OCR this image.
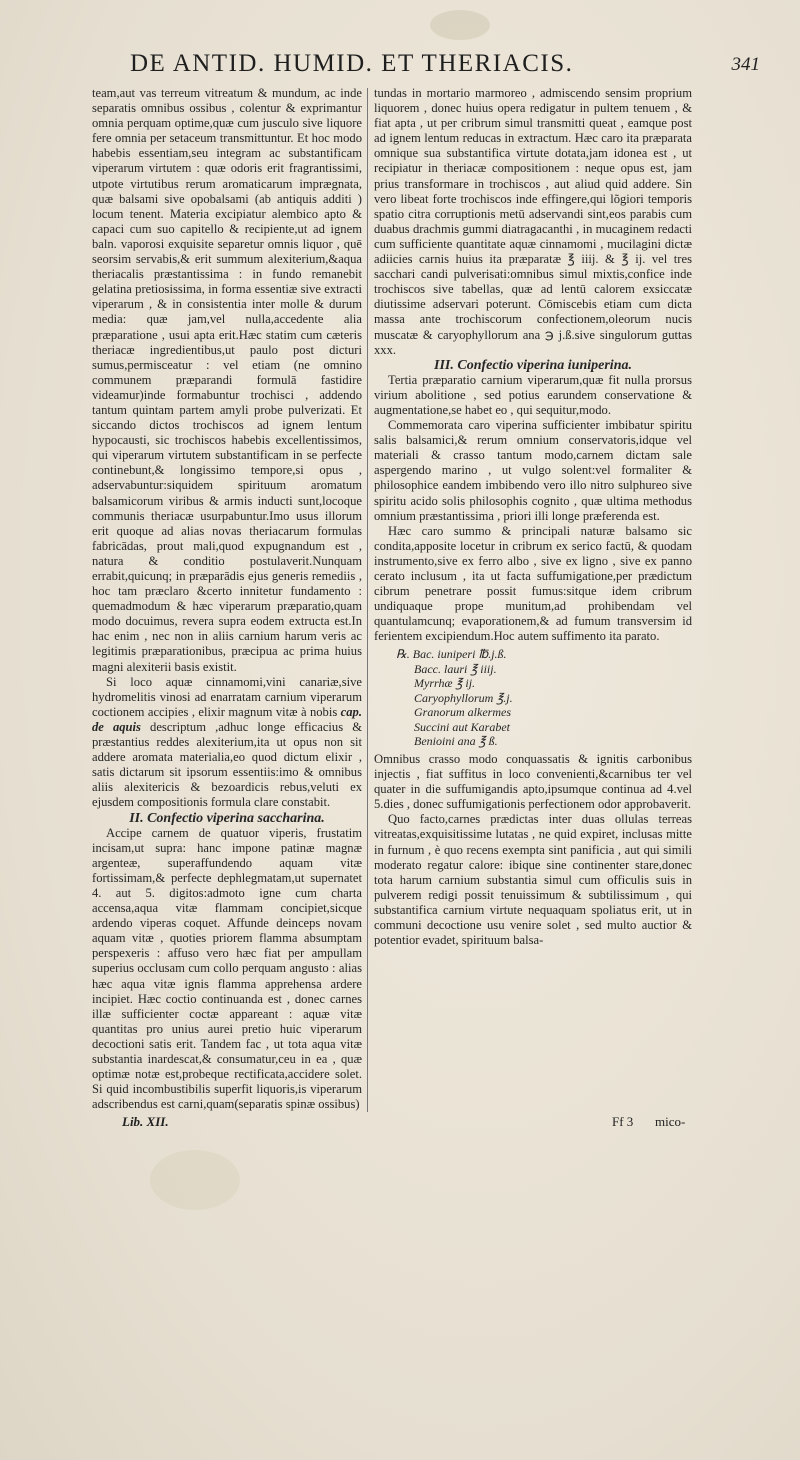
DE ANTID. HUMID. ET THERIACIS.	341

team,aut vas terreum vitreatum & mundum, ac inde separatis omnibus ossibus , colentur & exprimantur omnia perquam optime,quæ cum jusculo sive liquore fere omnia per setaceum transmittuntur. Et hoc modo habebis essentiam,seu integram ac substantificam viperarum virtutem : quæ odoris erit fragrantissimi, utpote virtutibus rerum aromaticarum imprægnata, quæ balsami sive opobalsami (ab antiquis additi ) locum tenent. Materia excipiatur alembico apto & capaci cum suo capitello & recipiente,ut ad ignem baln. vaporosi exquisite separetur omnis liquor , quē seorsim servabis,& erit summum alexiterium,&aqua theriacalis præstantissima : in fundo remanebit gelatina pretiosissima, in forma essentiæ sive extracti viperarum , & in consistentia inter molle & durum media: quæ jam,vel nulla,accedente alia præparatione , usui apta erit.Hæc statim cum cæteris theriacæ ingredientibus,ut paulo post dicturi sumus,permisceatur : vel etiam (ne omnino communem præparandi formulā fastidire videamur)inde formabuntur trochisci , addendo tantum quintam partem amyli probe pulverizati. Et siccando dictos trochiscos ad ignem lentum hypocausti, sic trochiscos habebis excellentissimos, qui viperarum virtutem substantificam in se perfecte continebunt,& longissimo tempore,si opus , adservabuntur:siquidem spirituum aromatum balsamicorum viribus & armis inducti sunt,locoque communis theriacæ usurpabuntur.Imo usus illorum erit quoque ad alias novas theriacarum formulas fabricādas, prout mali,quod expugnandum est , natura & conditio postulaverit.Nunquam errabit,quicunq; in præparādis ejus generis remediis , hoc tam præclaro &certo innitetur fundamento : quemadmodum & hæc viperarum præparatio,quam modo docuimus, revera supra eodem extructa est.In hac enim , nec non in aliis carnium harum veris ac legitimis præparationibus, præcipua ac prima huius magni alexiterii basis existit.

Si loco aquæ cinnamomi,vini canariæ,sive hydromelitis vinosi ad enarratam carnium viperarum coctionem accipies , elixir magnum vitæ à nobis cap. de aquis descriptum ,adhuc longe efficacius & præstantius reddes alexiterium,ita ut opus non sit addere aromata materialia,eo quod dictum elixir , satis dictarum sit ipsorum essentiis:imo & omnibus aliis alexitericis & bezoardicis rebus,veluti ex ejusdem compositionis formula clare constabit.

II. Confectio viperina saccharina.

Accipe carnem de quatuor viperis, frustatim incisam,ut supra: hanc impone patinæ magnæ argenteæ, superaffundendo aquam vitæ fortissimam,& perfecte dephlegmatam,ut supernatet 4. aut 5. digitos:admoto igne cum charta accensa,aqua vitæ flammam concipiet,sicque ardendo viperas coquet. Affunde deinceps novam aquam vitæ , quoties priorem flamma absumptam perspexeris : affuso vero hæc fiat per ampullam superius occlusam cum collo perquam angusto : alias hæc aqua vitæ ignis flamma apprehensa ardere incipiet. Hæc coctio continuanda est , donec carnes illæ sufficienter coctæ appareant : aquæ vitæ quantitas pro unius aurei pretio huic viperarum decoctioni satis erit. Tandem fac , ut tota aqua vitæ substantia inardescat,& consumatur,ceu in ea , quæ optimæ notæ est,probeque rectificata,accidere solet. Si quid incombustibilis superfit liquoris,is viperarum adscribendus est carni,quam(separatis spinæ ossibus)

tundas in mortario marmoreo , admiscendo sensim proprium liquorem , donec huius opera redigatur in pultem tenuem , & fiat apta , ut per cribrum simul transmitti queat , eamque post ad ignem lentum reducas in extractum. Hæc caro ita præparata omnique sua substantifica virtute dotata,jam idonea est , ut recipiatur in theriacæ compositionem : neque opus est, jam prius transformare in trochiscos , aut aliud quid addere. Sin vero libeat forte trochiscos inde effingere,qui lõgiori temporis spatio citra corruptionis metū adservandi sint,eos parabis cum duabus drachmis gummi diatragacanthi , in mucaginem redacti cum sufficiente quantitate aquæ cinnamomi , mucilagini dictæ adiicies carnis huius ita præparatæ ℥ iiij. & ℥ ij. vel tres sacchari candi pulverisati:omnibus simul mixtis,confice inde trochiscos sive tabellas, quæ ad lentū calorem exsiccatæ diutissime adservari poterunt. Cōmiscebis etiam cum dicta massa ante trochiscorum confectionem,oleorum nucis muscatæ & caryophyllorum ana ℈ j.ß.sive singulorum guttas xxx.

III. Confectio viperina iuniperina.

Tertia præparatio carnium viperarum,quæ fit nulla prorsus virium abolitione , sed potius earundem conservatione & augmentatione,se habet eo , qui sequitur,modo.

Commemorata caro viperina sufficienter imbibatur spiritu salis balsamici,& rerum omnium conservatoris,idque vel materiali & crasso tantum modo,carnem dictam sale aspergendo marino , ut vulgo solent:vel formaliter & philosophice eandem imbibendo vero illo nitro sulphureo sive spiritu acido solis philosophis cognito , quæ ultima methodus omnium præstantissima , priori illi longe præferenda est.

Hæc caro summo & principali naturæ balsamo sic condita,apposite locetur in cribrum ex serico factū, & quodam instrumento,sive ex ferro albo , sive ex ligno , sive ex panno cerato inclusum , ita ut facta suffumigatione,per prædictum cibrum penetrare possit fumus:sitque idem cribrum undiquaque prope munitum,ad prohibendam vel quantulamcunq; evaporationem,& ad fumum transversim id ferientem excipiendum.Hoc autem suffimento ita parato.

℞. Bac. iuniperi ℔.j.ß.
Bacc. lauri ℥ iiij.
Myrrhæ ℥ ij.
Caryophyllorum ℥.j.
Granorum alkermes
Succini aut Karabet
Benioini ana ℥ ß.

Omnibus crasso modo conquassatis & ignitis carbonibus injectis , fiat suffitus in loco convenienti,&carnibus ter vel quater in die suffumigandis apto,ipsumque continua ad 4.vel 5.dies , donec suffumigationis perfectionem odor approbaverit.

Quo facto,carnes prædictas inter duas ollulas terreas vitreatas,exquisitissime lutatas , ne quid expiret, inclusas mitte in furnum , è quo recens exempta sint panificia , aut qui simili moderato regatur calore: ibique sine continenter stare,donec tota harum carnium substantia simul cum officulis suis in pulverem redigi possit tenuissimum & subtilissimum , qui substantifica carnium virtute nequaquam spoliatus erit, ut in communi decoctione usu venire solet , sed multo auctior & potentior evadet, spirituum balsa-

Lib. XII.	Ff 3 mico-
